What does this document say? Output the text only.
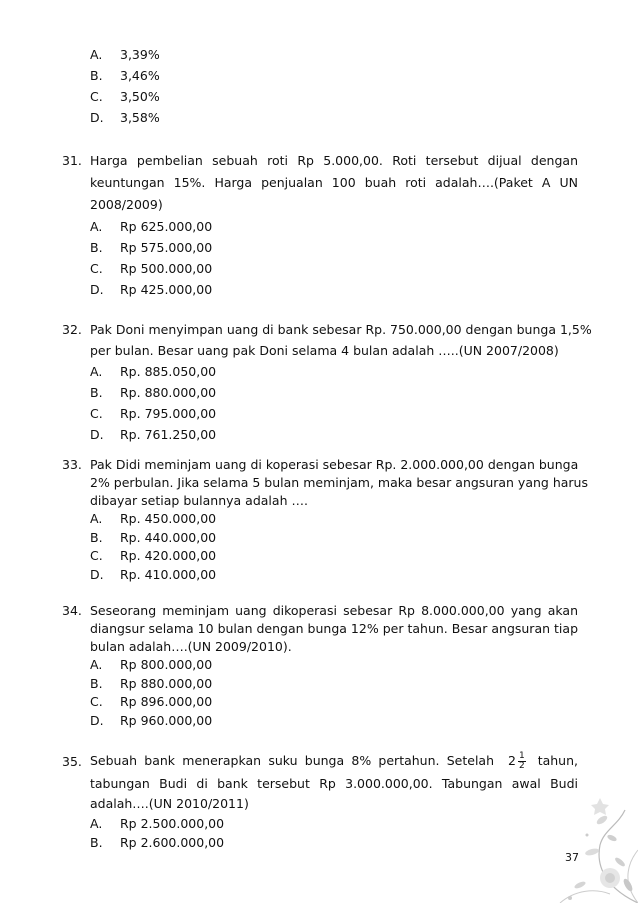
A. 3,39%
B. 3,46%
C. 3,50%
D. 3,58%
31. Harga pembelian sebuah roti Rp 5.000,00. Roti tersebut dijual dengan
keuntungan 15%. Harga penjualan 100 buah roti adalah….(Paket A UN
2008/2009)
A. Rp 625.000,00
B. Rp 575.000,00
C. Rp 500.000,00
D. Rp 425.000,00
32. Pak Doni menyimpan uang di bank sebesar Rp. 750.000,00 dengan bunga 1,5%
per bulan. Besar uang pak Doni selama 4 bulan adalah …..(UN 2007/2008)
A. Rp. 885.050,00
B. Rp. 880.000,00
C. Rp. 795.000,00
D. Rp. 761.250,00
33. Pak Didi meminjam uang di koperasi sebesar Rp. 2.000.000,00 dengan bunga
2% perbulan. Jika selama 5 bulan meminjam, maka besar angsuran yang harus
dibayar setiap bulannya adalah ….
A. Rp. 450.000,00
B. Rp. 440.000,00
C. Rp. 420.000,00
D. Rp. 410.000,00
34. Seseorang meminjam uang dikoperasi sebesar Rp 8.000.000,00 yang akan
diangsur selama 10 bulan dengan bunga 12% per tahun. Besar angsuran tiap
bulan adalah….(UN 2009/2010).
A. Rp 800.000,00
B. Rp 880.000,00
C. Rp 896.000,00
D. Rp 960.000,00
35. Sebuah bank menerapkan suku bunga 8% pertahun. Setelah $2 \frac{1}{2}$ tahun,
tabungan Budi di bank tersebut Rp 3.000.000,00. Tabungan awal Budi
adalah….(UN 2010/2011)
A. Rp 2.500.000,00
B. Rp 2.600.000,00
37
